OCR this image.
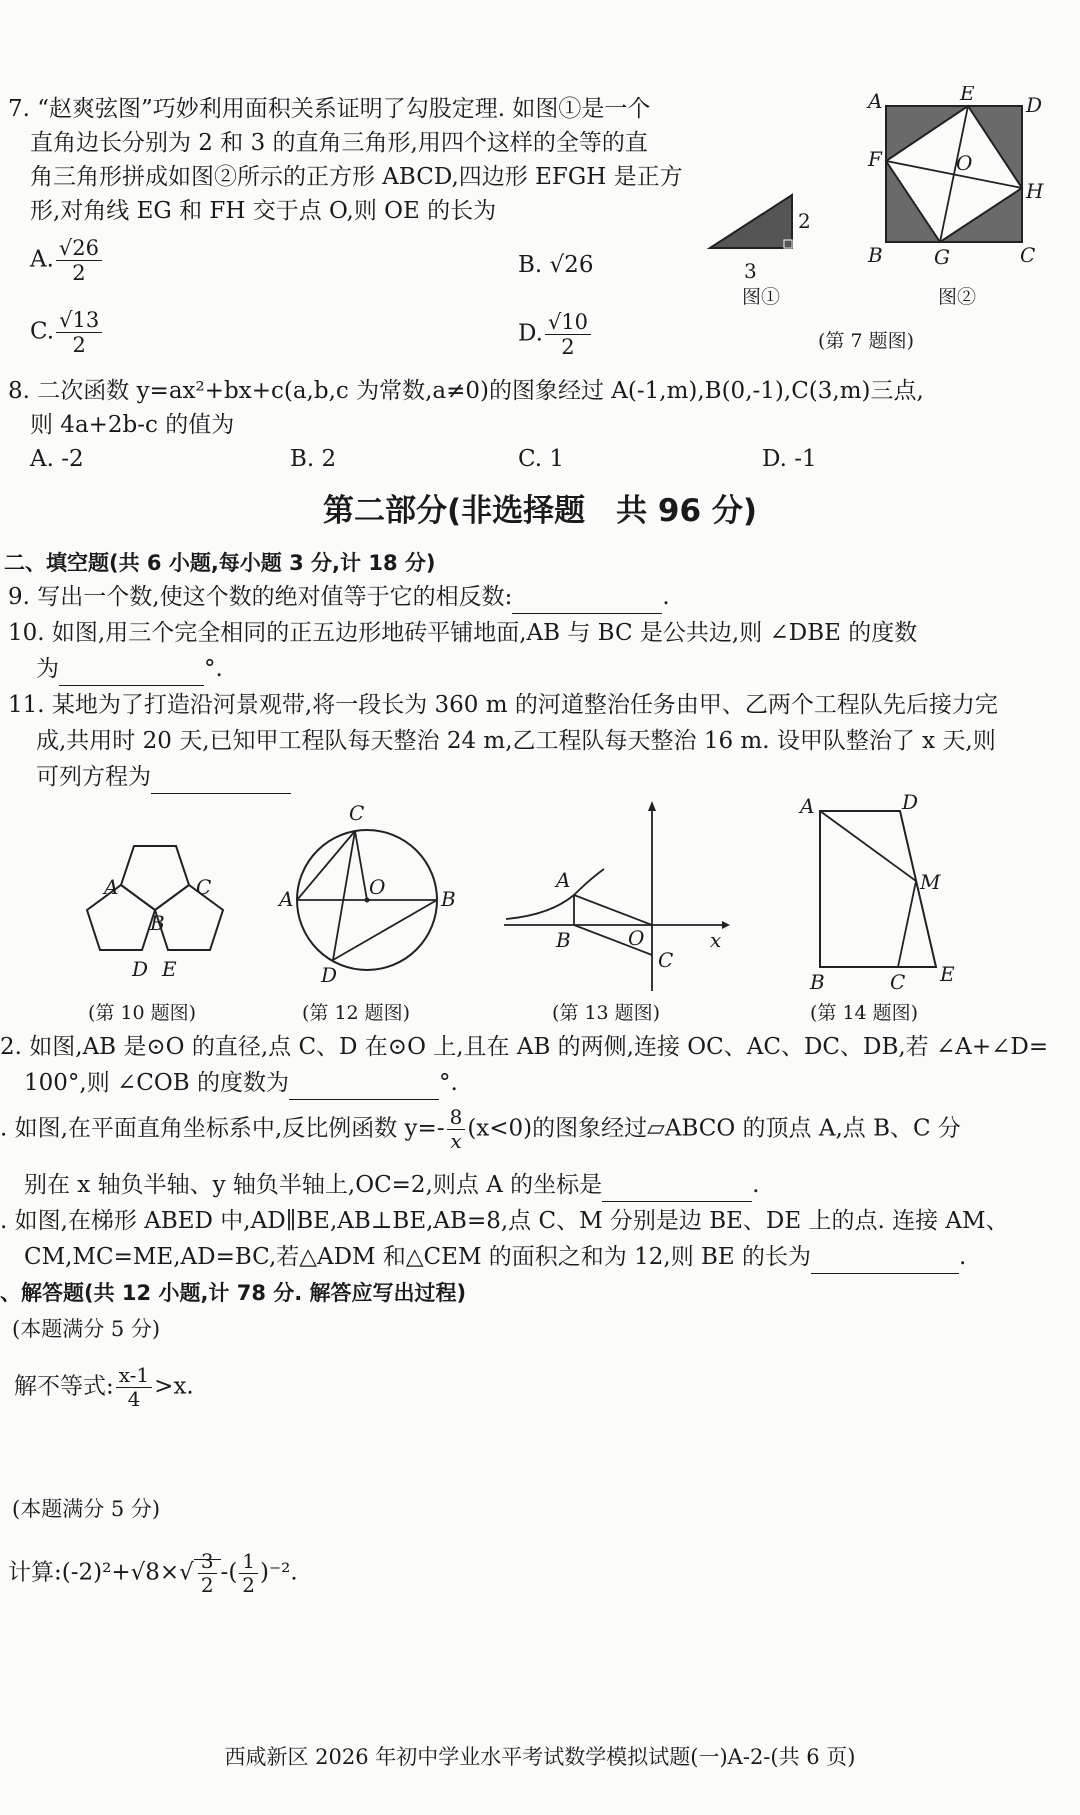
7. “赵爽弦图”巧妙利用面积关系证明了勾股定理. 如图①是一个
直角边长分别为 2 和 3 的直角三角形,用四个这样的全等的直
角三角形拼成如图②所示的正方形 ABCD,四边形 EFGH 是正方
形,对角线 EG 和 FH 交于点 O,则 OE 的长为
A. $\frac{√26}{2}$	B. √26
C. $\frac{√13}{2}$	D. $\frac{√10}{2}$
3
2
图①
A	E	D
F	O
H
B	G	C
图②
(第 7 题图)
8. 二次函数 y=ax²+bx+c(a,b,c 为常数,a≠0)的图象经过 A(-1,m),B(0,-1),C(3,m)三点,
则 4a+2b-c 的值为
A. -2	B. 2	C. 1	D. -1
第二部分(非选择题　共 96 分)
二、填空题(共 6 小题,每小题 3 分,计 18 分)
9. 写出一个数,使这个数的绝对值等于它的相反数:	.
10. 如图,用三个完全相同的正五边形地砖平铺地面,AB 与 BC 是公共边,则 ∠DBE 的度数
为	°.
11. 某地为了打造沿河景观带,将一段长为 360 m 的河道整治任务由甲、乙两个工程队先后接力完
成,共用时 20 天,已知甲工程队每天整治 24 m,乙工程队每天整治 16 m. 设甲队整治了 x 天,则
可列方程为
A
B
C
D E
(第 10 题图)
C
A	O	B
D
(第 12 题图)
A
B	O
C
x
(第 13 题图)
A	D
M
B	C E
(第 14 题图)
2. 如图,AB 是⊙O 的直径,点 C、D 在⊙O 上,且在 AB 的两侧,连接 OC、AC、DC、DB,若 ∠A+∠D=
100°,则 ∠COB 的度数为	°.
. 如图,在平面直角坐标系中,反比例函数 $y=- \frac{8}{x} (x<0)$的图象经过▱ABCO 的顶点 A,点 B、C 分
别在 x 轴负半轴、y 轴负半轴上,OC=2,则点 A 的坐标是	.
. 如图,在梯形 ABED 中,AD∥BE,AB⊥BE,AB=8,点 C、M 分别是边 BE、DE 上的点. 连接 AM、
CM,MC=ME,AD=BC,若△ADM 和△CEM 的面积之和为 12,则 BE 的长为	.
、解答题(共 12 小题,计 78 分. 解答应写出过程)
(本题满分 5 分)
解不等式: $\frac{x-1}{4} >x$.
(本题满分 5 分)
计算:(-2)²+√8×√ $\frac{3}{2}$ -( $\frac{1}{2} )^{-2}$.
西咸新区 2026 年初中学业水平考试数学模拟试题(一)A-2-(共 6 页)
